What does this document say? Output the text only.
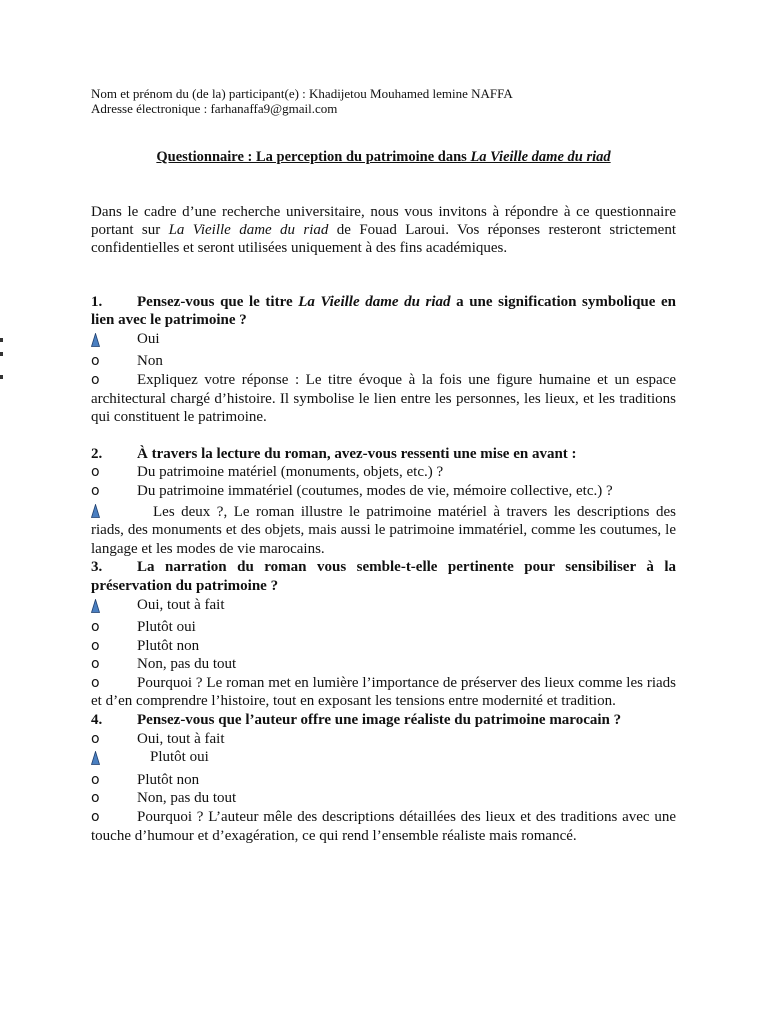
Nom et prénom du (de la) participant(e) : Khadijetou Mouhamed lemine NAFFA
Adresse électronique : farhanaffa9@gmail.com
Questionnaire : La perception du patrimoine dans La Vieille dame du riad
Dans le cadre d’une recherche universitaire, nous vous invitons à répondre à ce questionnaire portant sur La Vieille dame du riad de Fouad Laroui. Vos réponses resteront strictement confidentielles et seront utilisées uniquement à des fins académiques.
1. Pensez-vous que le titre La Vieille dame du riad a une signification symbolique en lien avec le patrimoine ?
Oui
o	Non
o Expliquez votre réponse : Le titre évoque à la fois une figure humaine et un espace architectural chargé d’histoire. Il symbolise le lien entre les personnes, les lieux, et les traditions qui constituent le patrimoine.
2. À travers la lecture du roman, avez-vous ressenti une mise en avant :
o	Du patrimoine matériel (monuments, objets, etc.) ?
o	Du patrimoine immatériel (coutumes, modes de vie, mémoire collective, etc.) ?
Les deux ?, Le roman illustre le patrimoine matériel à travers les descriptions des riads, des monuments et des objets, mais aussi le patrimoine immatériel, comme les coutumes, le langage et les modes de vie marocains.
3. La narration du roman vous semble-t-elle pertinente pour sensibiliser à la préservation du patrimoine ?
Oui, tout à fait
o	Plutôt oui
o	Plutôt non
o	Non, pas du tout
o Pourquoi ? Le roman met en lumière l’importance de préserver des lieux comme les riads et d’en comprendre l’histoire, tout en exposant les tensions entre modernité et tradition.
4. Pensez-vous que l’auteur offre une image réaliste du patrimoine marocain ?
o	Oui, tout à fait
Plutôt oui
o	Plutôt non
o	Non, pas du tout
o Pourquoi ? L’auteur mêle des descriptions détaillées des lieux et des traditions avec une touche d’humour et d’exagération, ce qui rend l’ensemble réaliste mais romancé.
